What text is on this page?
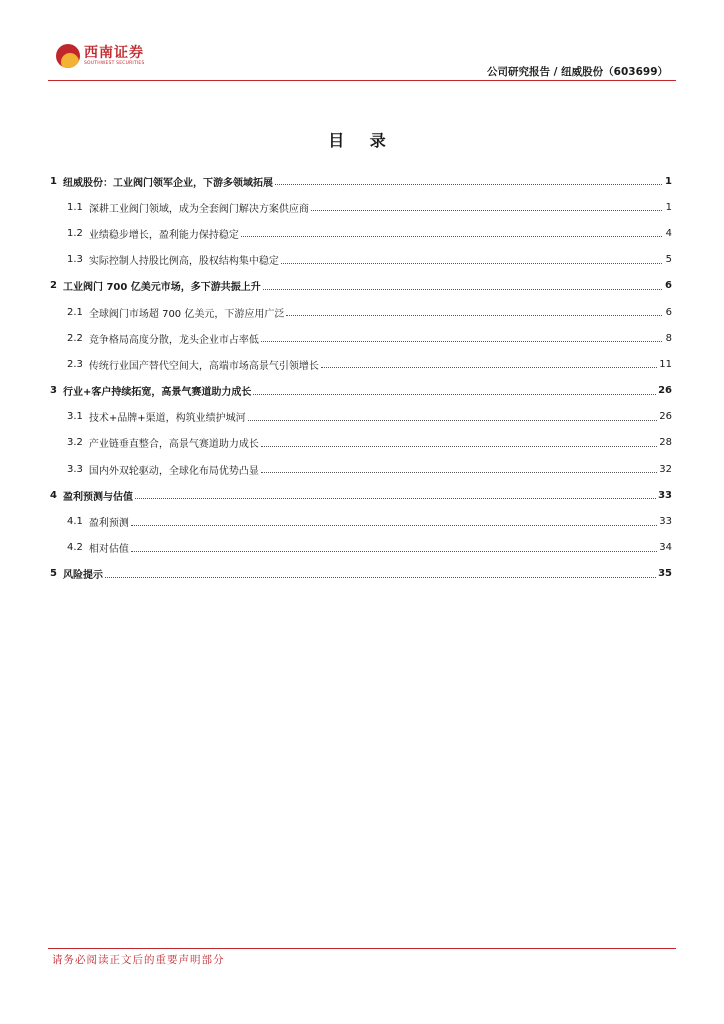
西南证券
SOUTHWEST SECURITIES
公司研究报告 / 纽威股份（603699）
目 录
1 纽威股份：工业阀门领军企业，下游多领域拓展	1
1.1 深耕工业阀门领域，成为全套阀门解决方案供应商	1
1.2 业绩稳步增长，盈利能力保持稳定	4
1.3 实际控制人持股比例高，股权结构集中稳定	5
2 工业阀门 700 亿美元市场，多下游共振上升	6
2.1 全球阀门市场超 700 亿美元，下游应用广泛	6
2.2 竞争格局高度分散，龙头企业市占率低	8
2.3 传统行业国产替代空间大，高端市场高景气引领增长	11
3 行业+客户持续拓宽，高景气赛道助力成长	26
3.1 技术+品牌+渠道，构筑业绩护城河	26
3.2 产业链垂直整合，高景气赛道助力成长	28
3.3 国内外双轮驱动，全球化布局优势凸显	32
4 盈利预测与估值	33
4.1 盈利预测	33
4.2 相对估值	34
5 风险提示	35
请务必阅读正文后的重要声明部分
